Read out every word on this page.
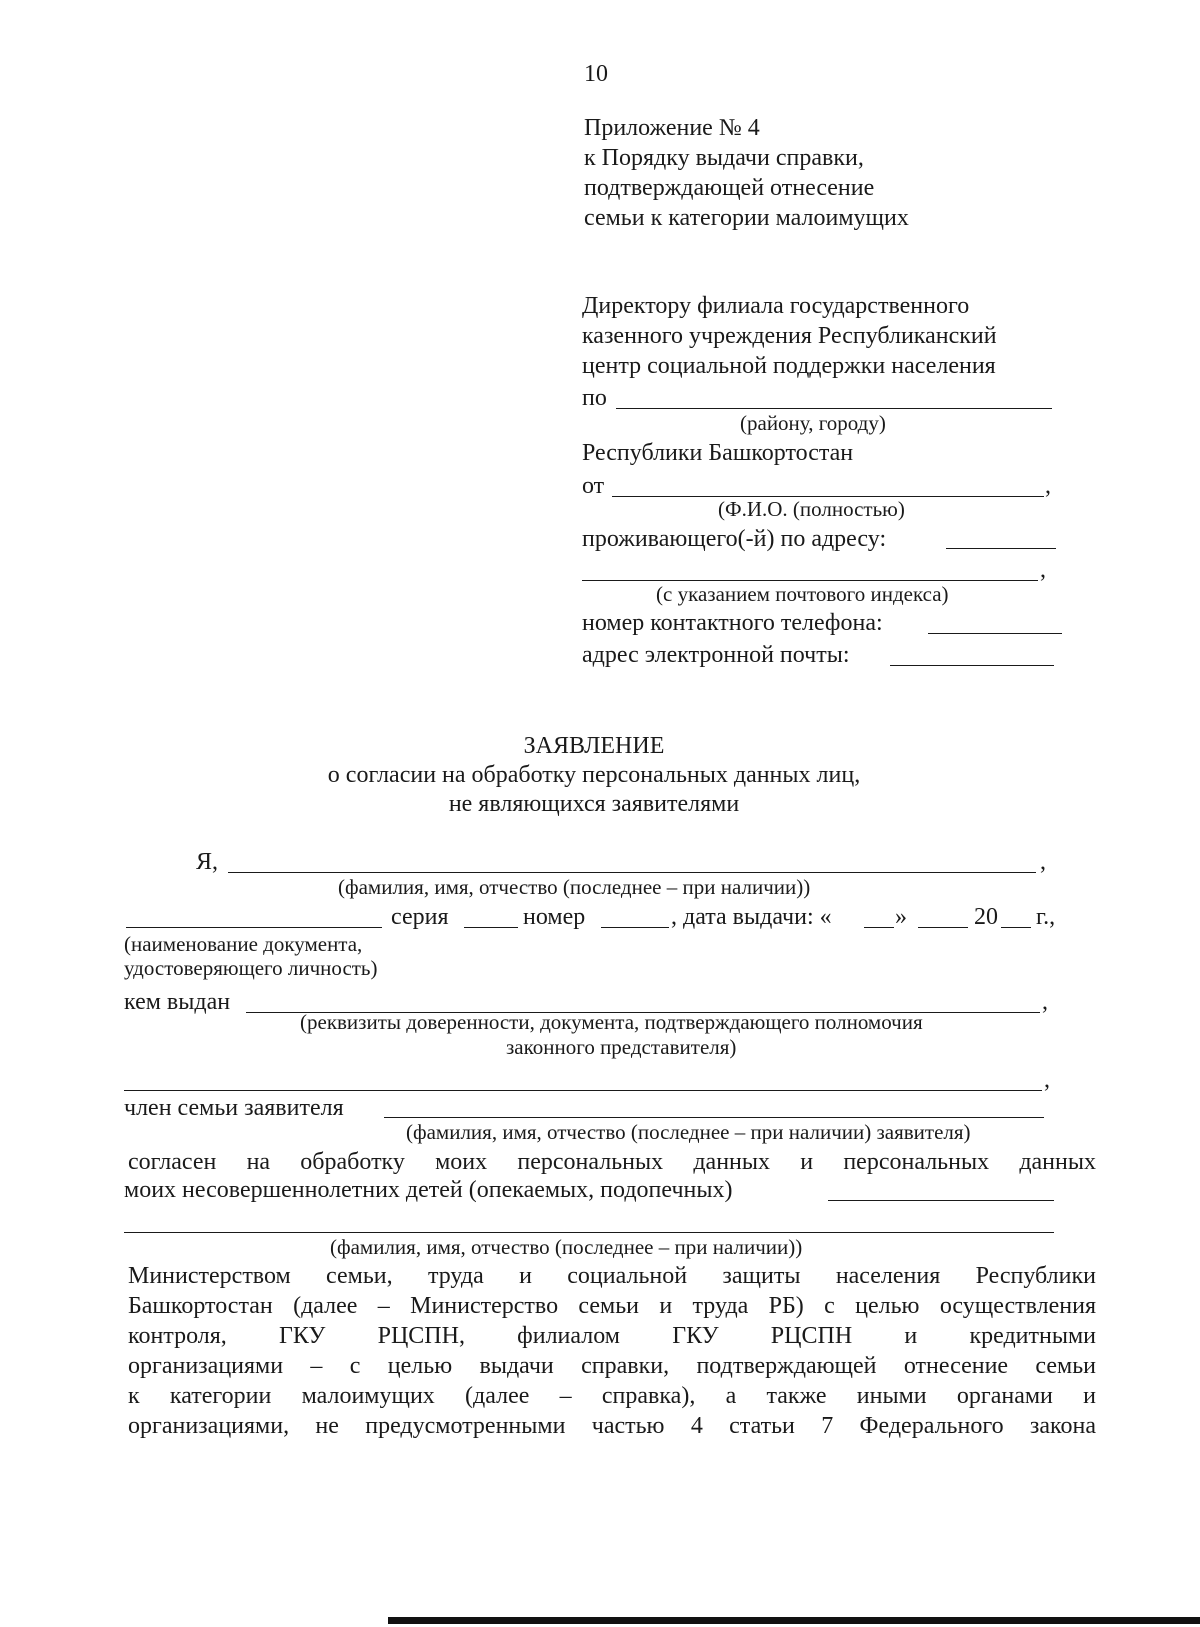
10
Приложение № 4
к Порядку выдачи справки,
подтверждающей отнесение
семьи к категории малоимущих
Директору филиала государственного
казенного учреждения Республиканский
центр социальной поддержки населения
по
(району, городу)
Республики Башкортостан
от	,
(Ф.И.О. (полностью)
проживающего(-й) по адресу:
,
(с указанием почтового индекса)
номер контактного телефона:
адрес электронной почты:
ЗАЯВЛЕНИЕ
о согласии на обработку персональных данных лиц,
не являющихся заявителями
Я,	,
(фамилия, имя, отчество (последнее – при наличии))
серия	номер	, дата выдачи: «	»	20 г.,
(наименование документа,
удостоверяющего личность)
кем выдан	,
(реквизиты доверенности, документа, подтверждающего полномочия
законного представителя)
,
член семьи заявителя
(фамилия, имя, отчество (последнее – при наличии) заявителя)
согласен на обработку моих персональных данных и персональных данных
моих несовершеннолетних детей (опекаемых, подопечных)
(фамилия, имя, отчество (последнее – при наличии))
Министерством семьи, труда и социальной защиты населения Республики
Башкортостан (далее – Министерство семьи и труда РБ) с целью осуществления
контроля, ГКУ РЦСПН, филиалом ГКУ РЦСПН и кредитными
организациями – с целью выдачи справки, подтверждающей отнесение семьи
к категории малоимущих (далее – справка), а также иными органами и
организациями, не предусмотренными частью 4 статьи 7 Федерального закона
